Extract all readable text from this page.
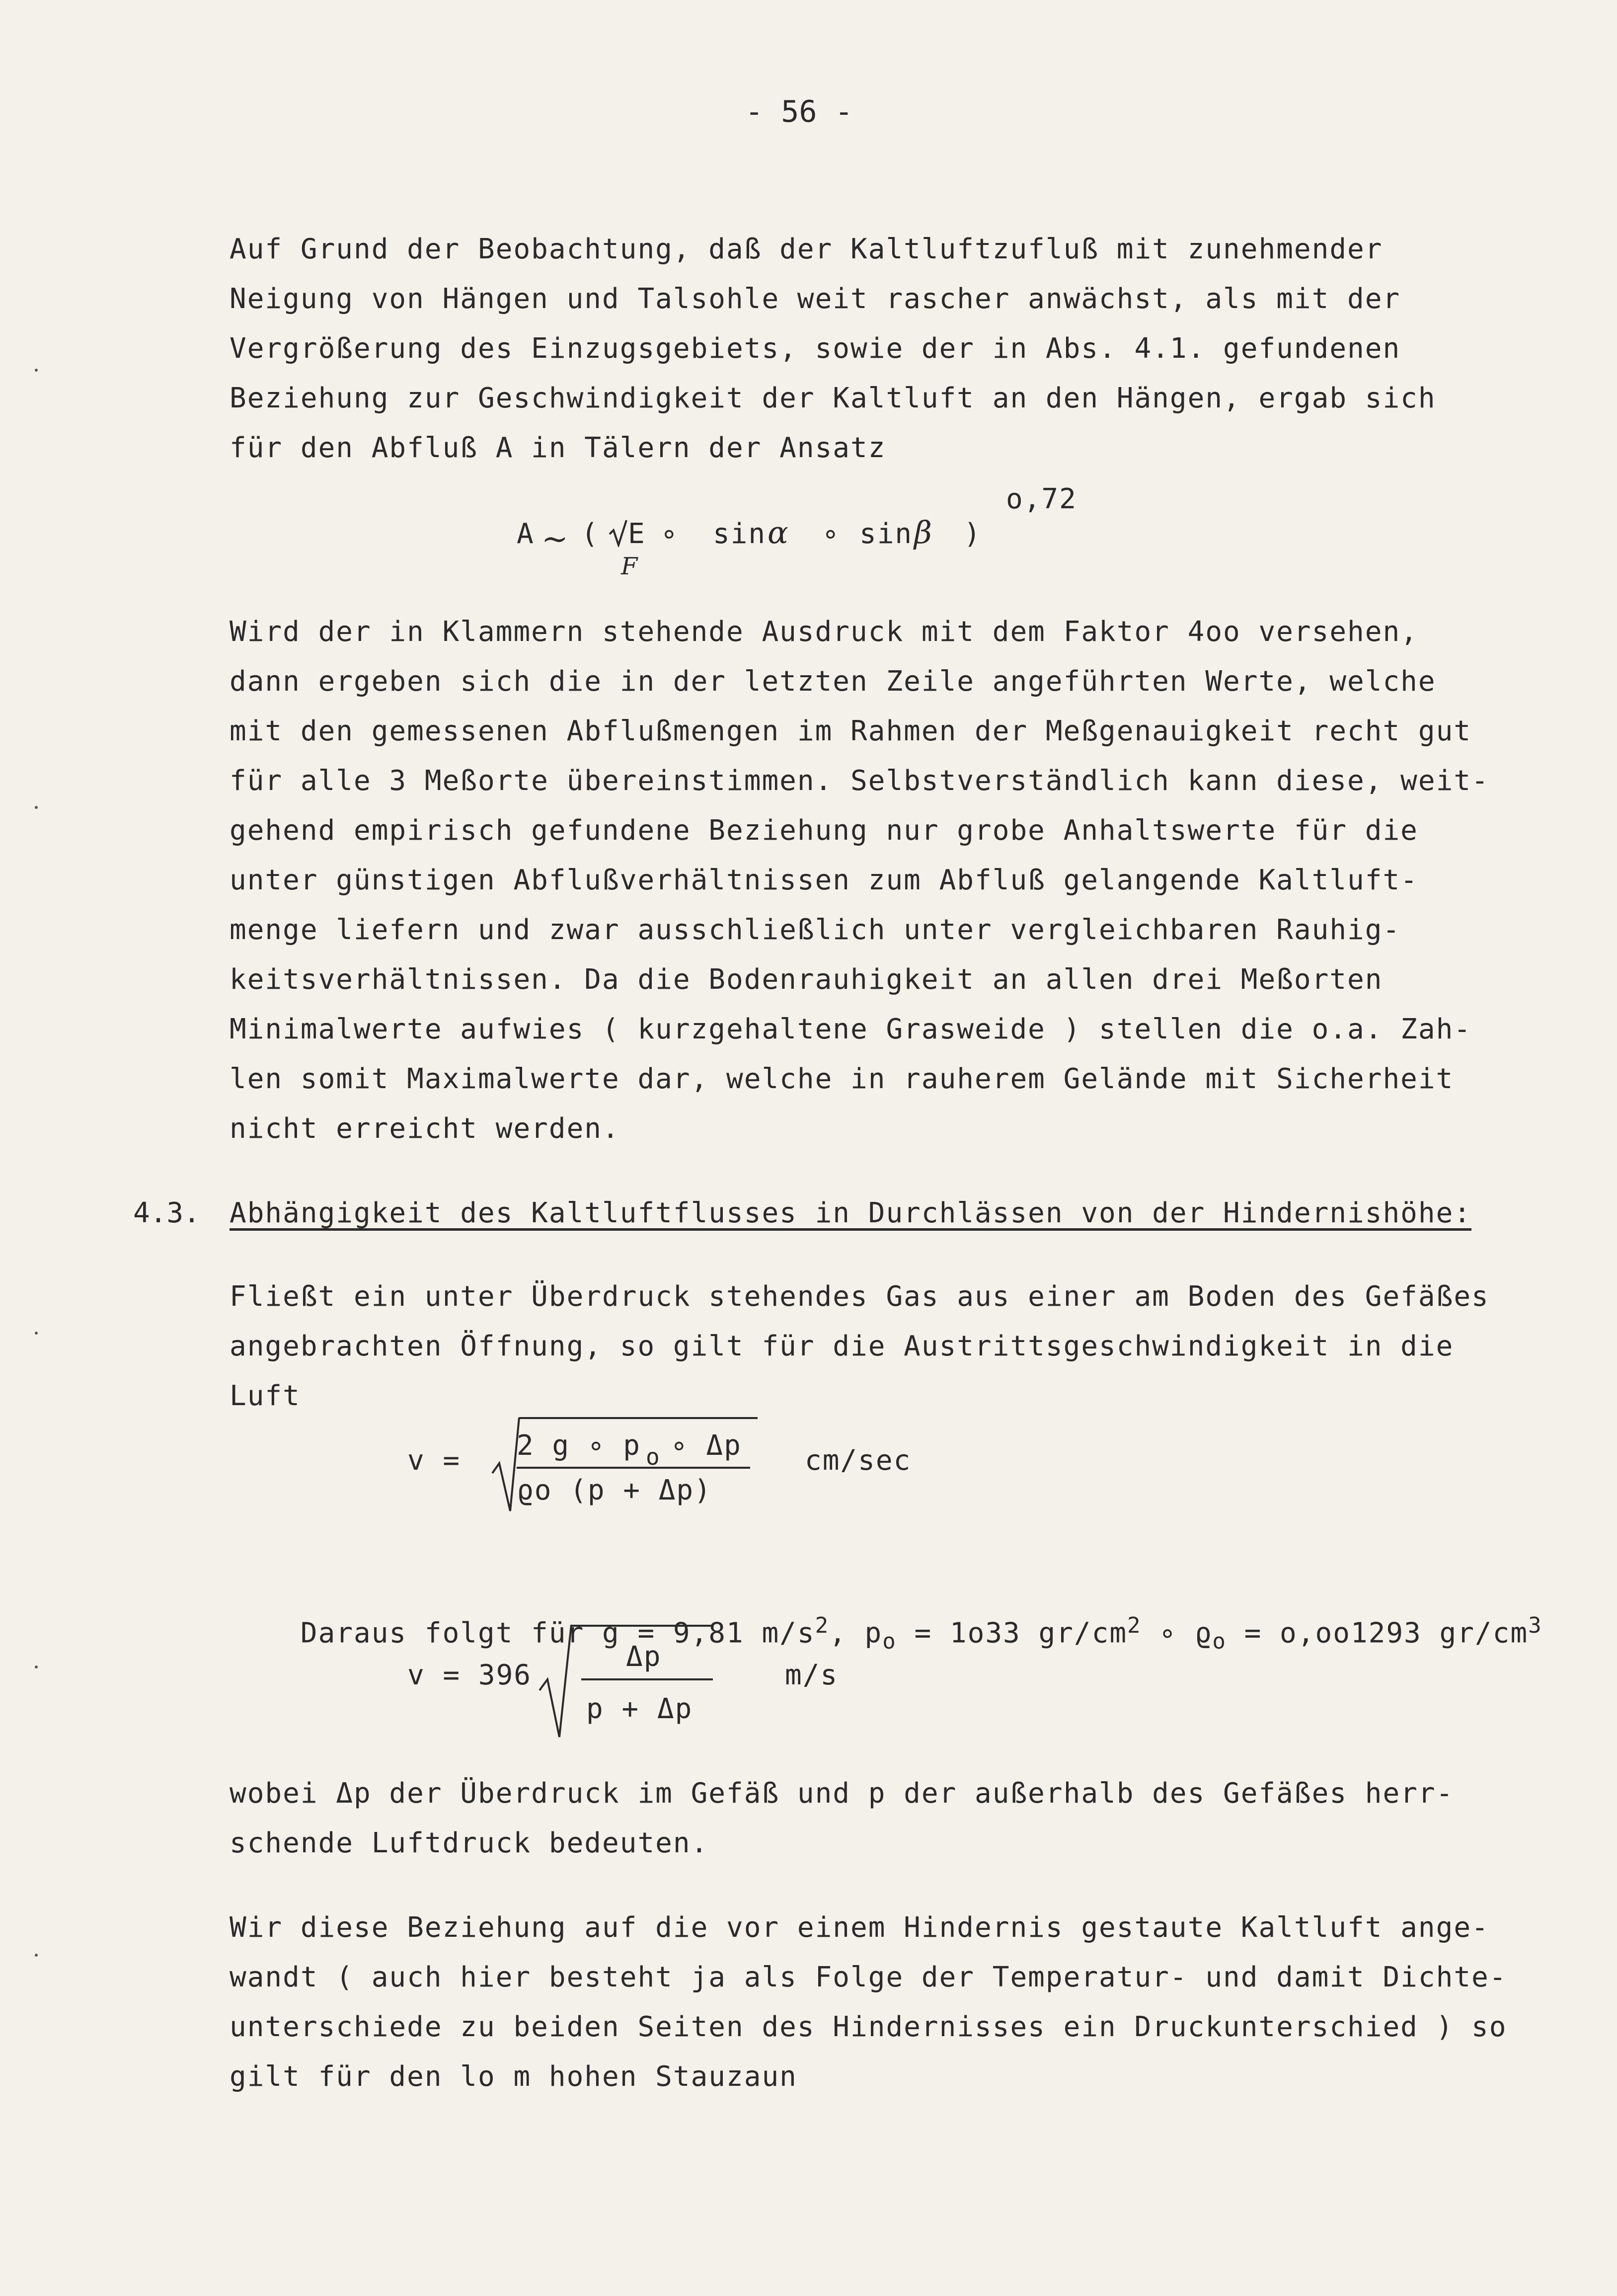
- 56 -
Auf Grund der Beobachtung, daß der Kaltluftzufluß mit zunehmender
Neigung von Hängen und Talsohle weit rascher anwächst, als mit der
Vergrößerung des Einzugsgebiets, sowie der in Abs. 4.1. gefundenen
Beziehung zur Geschwindigkeit der Kaltluft an den Hängen, ergab sich
für den Abfluß A in Tälern der Ansatz
A ~ ( E
F
∘ sin α ∘ sin β )
o,72
Wird der in Klammern stehende Ausdruck mit dem Faktor 4oo versehen,
dann ergeben sich die in der letzten Zeile angeführten Werte, welche
mit den gemessenen Abflußmengen im Rahmen der Meßgenauigkeit recht gut
für alle 3 Meßorte übereinstimmen. Selbstverständlich kann diese, weit-
gehend empirisch gefundene Beziehung nur grobe Anhaltswerte für die
unter günstigen Abflußverhältnissen zum Abfluß gelangende Kaltluft-
menge liefern und zwar ausschließlich unter vergleichbaren Rauhig-
keitsverhältnissen. Da die Bodenrauhigkeit an allen drei Meßorten
Minimalwerte aufwies ( kurzgehaltene Grasweide ) stellen die o.a. Zah-
len somit Maximalwerte dar, welche in rauherem Gelände mit Sicherheit
nicht erreicht werden.
4.3. Abhängigkeit des Kaltluftflusses in Durchlässen von der Hindernishöhe:
Fließt ein unter Überdruck stehendes Gas aus einer am Boden des Gefäßes
angebrachten Öffnung, so gilt für die Austrittsgeschwindigkeit in die
Luft
v = 2 g ∘ p o ∘ Δp
ϱo (p + Δp)
cm/sec

Daraus folgt für g = 9,81 $m/s^2$, $p_o = 1o33$ $gr/cm^2$ ∘ $ϱ_o = o,oo1293$ $gr/cm^3$

v = 396
Δp
p + Δp
m/s
wobei Δp der Überdruck im Gefäß und p der außerhalb des Gefäßes herr-
schende Luftdruck bedeuten.
Wir diese Beziehung auf die vor einem Hindernis gestaute Kaltluft ange-
wandt ( auch hier besteht ja als Folge der Temperatur- und damit Dichte-
unterschiede zu beiden Seiten des Hindernisses ein Druckunterschied ) so
gilt für den lo m hohen Stauzaun
